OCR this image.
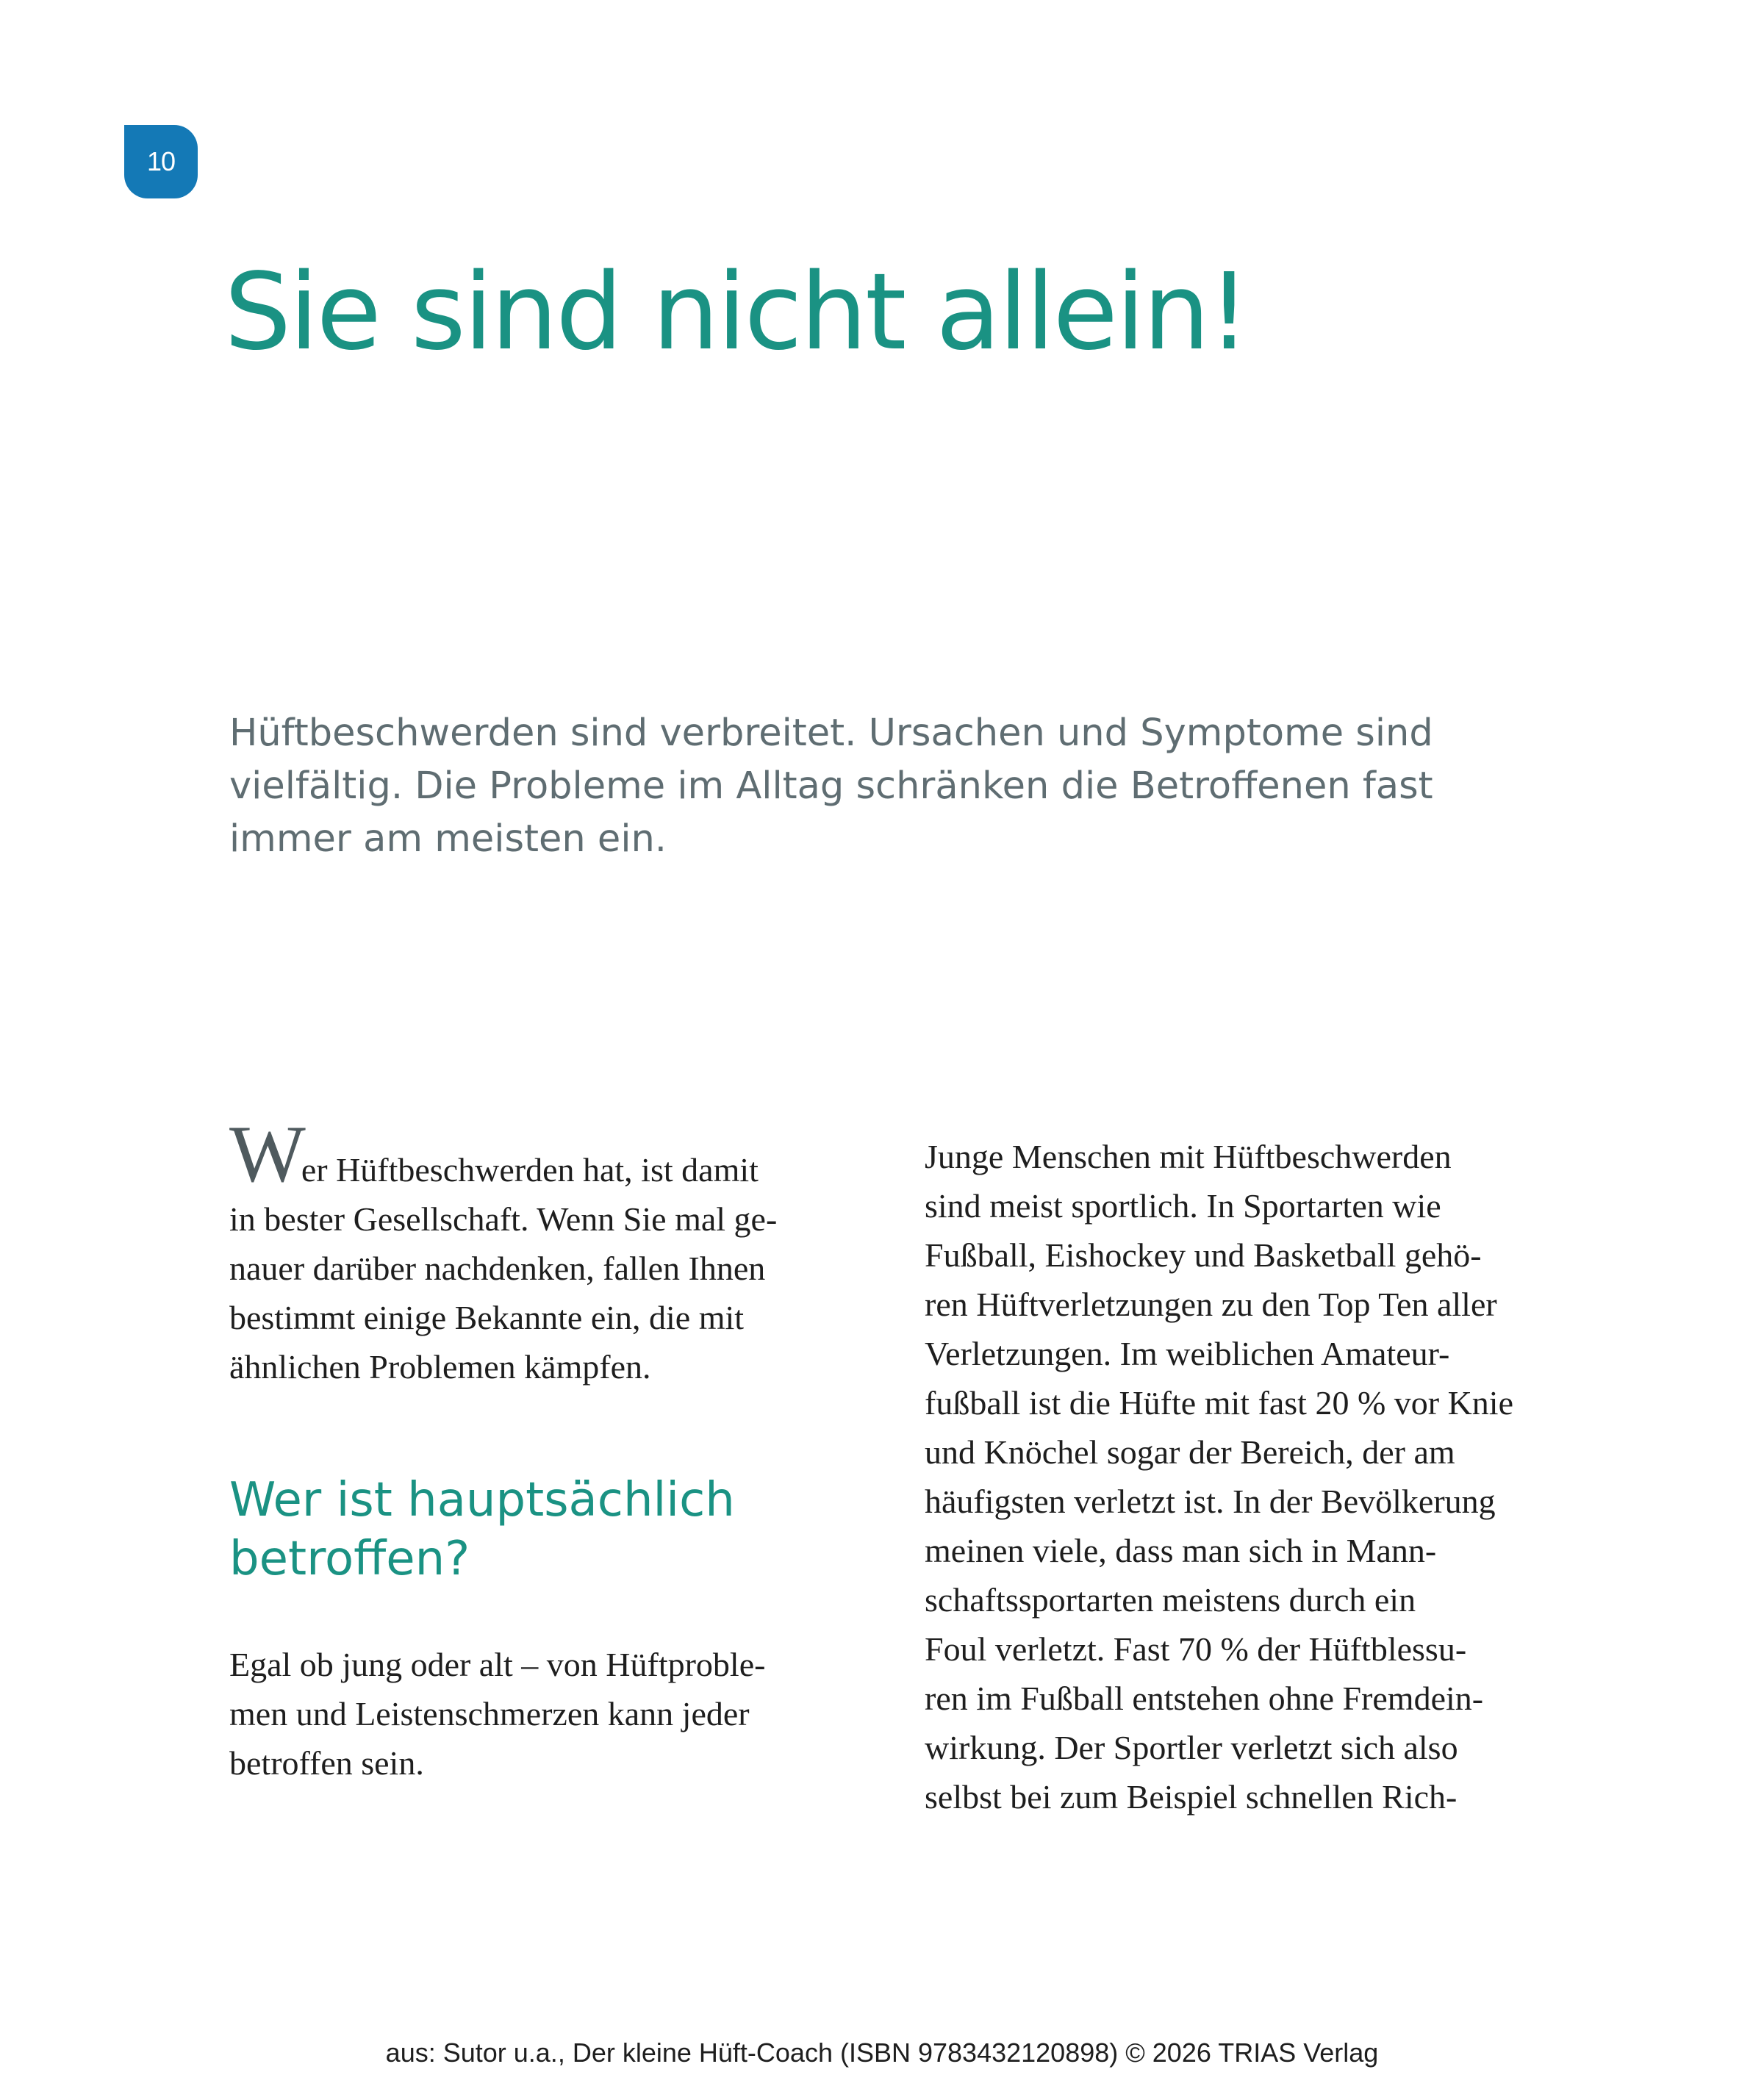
10
Sie sind nicht allein!

Hüftbeschwerden sind verbreitet. Ursachen und Symptome sind vielfältig. Die Probleme im Alltag schränken die Betroffenen fast immer am meisten ein.

Wer Hüftbeschwerden hat, ist damit
in bester Gesellschaft. Wenn Sie mal ge-
nauer darüber nachdenken, fallen Ihnen
bestimmt einige Bekannte ein, die mit
ähnlichen Problemen kämpfen.

Wer ist hauptsächlich
betroffen?

Egal ob jung oder alt – von Hüftproble-
men und Leistenschmerzen kann jeder
betroffen sein.

Junge Menschen mit Hüftbeschwerden
sind meist sportlich. In Sportarten wie
Fußball, Eishockey und Basketball gehö-
ren Hüftverletzungen zu den Top Ten aller
Verletzungen. Im weiblichen Amateur-
fußball ist die Hüfte mit fast 20 % vor Knie
und Knöchel sogar der Bereich, der am
häufigsten verletzt ist. In der Bevölkerung
meinen viele, dass man sich in Mann-
schaftssportarten meistens durch ein
Foul verletzt. Fast 70 % der Hüftblessu-
ren im Fußball entstehen ohne Fremdein-
wirkung. Der Sportler verletzt sich also
selbst bei zum Beispiel schnellen Rich-

aus: Sutor u.a., Der kleine Hüft-Coach (ISBN 9783432120898) © 2026 TRIAS Verlag
